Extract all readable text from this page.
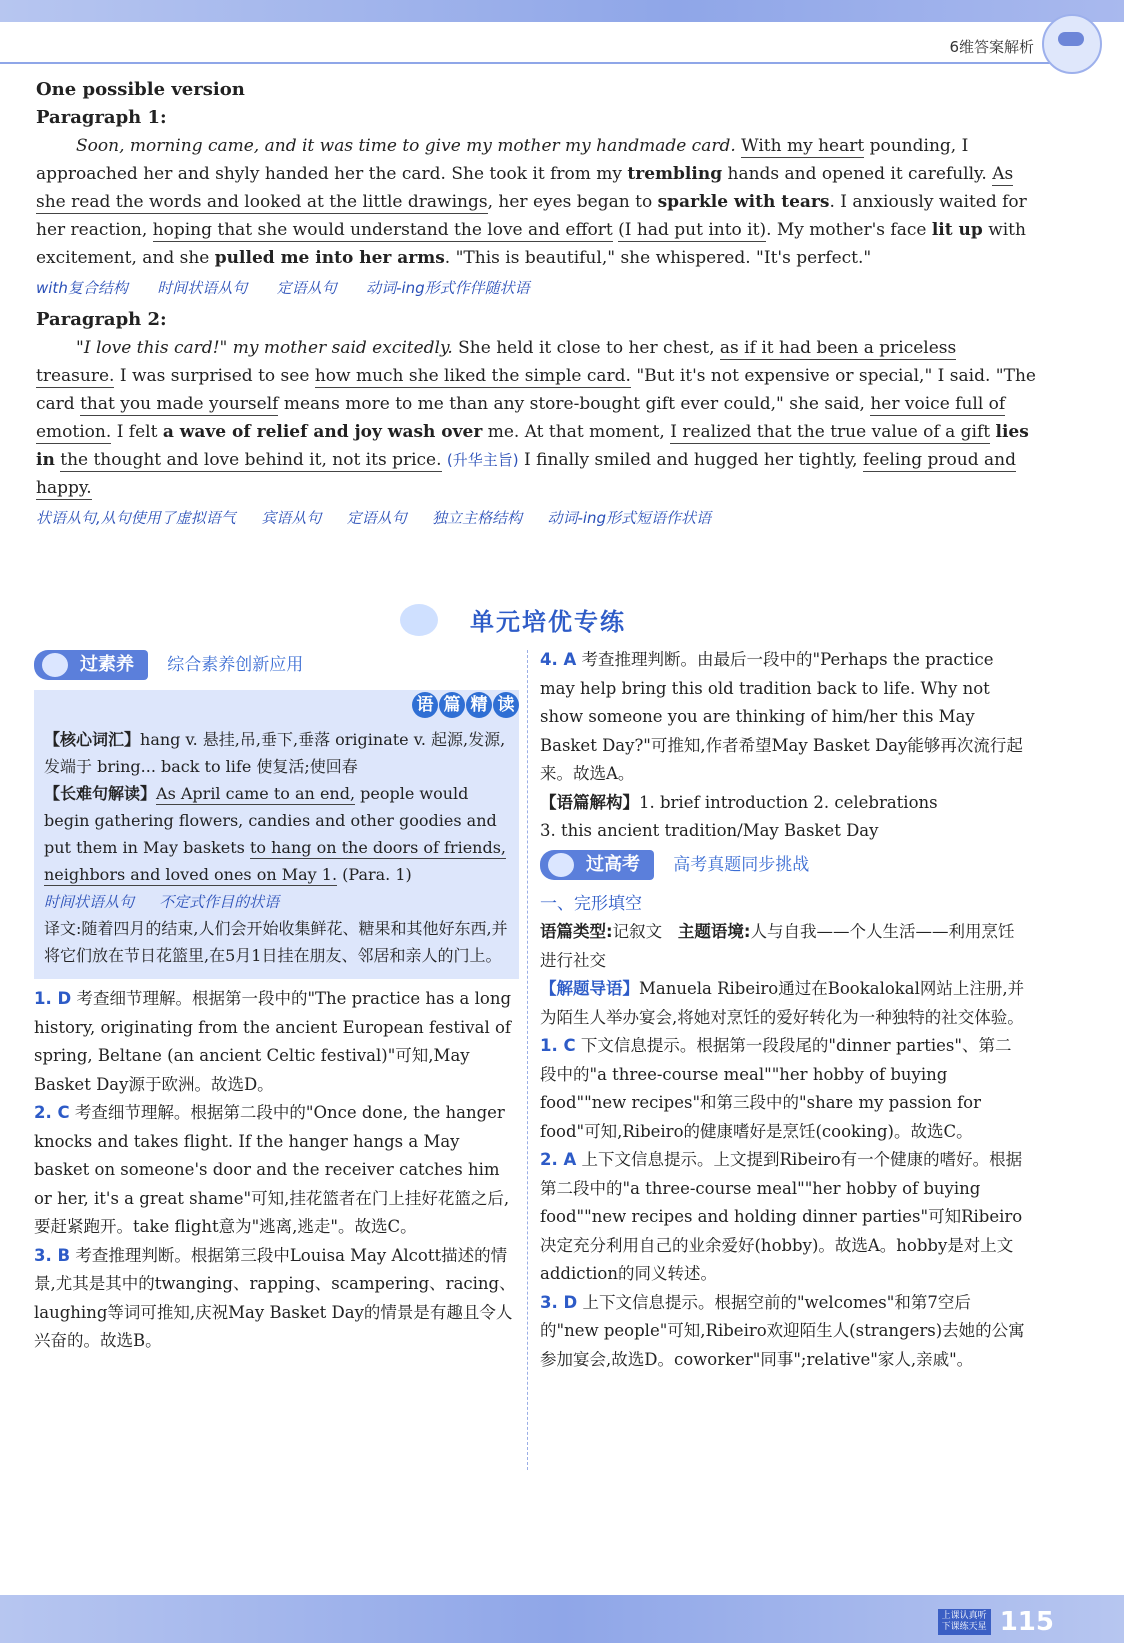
6维答案解析

One possible version

Paragraph 1:

Soon, morning came, and it was time to give my mother my handmade card. With my heart pounding, I approached her and shyly handed her the card. She took it from my trembling hands and opened it carefully. As she read the words and looked at the little drawings, her eyes began to sparkle with tears. I anxiously waited for her reaction, hoping that she would understand the love and effort (I had put into it). My mother's face lit up with excitement, and she pulled me into her arms. "This is beautiful," she whispered. "It's perfect."

with复合结构 时间状语从句 定语从句 动词-ing形式作伴随状语

Paragraph 2:

"I love this card!" my mother said excitedly. She held it close to her chest, as if it had been a priceless treasure. I was surprised to see how much she liked the simple card. "But it's not expensive or special," I said. "The card that you made yourself means more to me than any store-bought gift ever could," she said, her voice full of emotion. I felt a wave of relief and joy wash over me. At that moment, I realized that the true value of a gift lies in the thought and love behind it, not its price. (升华主旨) I finally smiled and hugged her tightly, feeling proud and happy.

状语从句,从句使用了虚拟语气 宾语从句 定语从句 独立主格结构 动词-ing形式短语作状语

单元培优专练
过素养 综合素养创新应用
语 篇 精 读

【核心词汇】hang v. 悬挂,吊,垂下,垂落 originate v. 起源,发源,发端于 bring... back to life 使复活;使回春

【长难句解读】As April came to an end, people would begin gathering flowers, candies and other goodies and put them in May baskets to hang on the doors of friends, neighbors and loved ones on May 1. (Para. 1)

时间状语从句 不定式作目的状语

译文:随着四月的结束,人们会开始收集鲜花、糖果和其他好东西,并将它们放在节日花篮里,在5月1日挂在朋友、邻居和亲人的门上。

1. D 考查细节理解。根据第一段中的"The practice has a long history, originating from the ancient European festival of spring, Beltane (an ancient Celtic festival)"可知,May Basket Day源于欧洲。故选D。

2. C 考查细节理解。根据第二段中的"Once done, the hanger knocks and takes flight. If the hanger hangs a May basket on someone's door and the receiver catches him or her, it's a great shame"可知,挂花篮者在门上挂好花篮之后,要赶紧跑开。take flight意为"逃离,逃走"。故选C。

3. B 考查推理判断。根据第三段中Louisa May Alcott描述的情景,尤其是其中的twanging、rapping、scampering、racing、laughing等词可推知,庆祝May Basket Day的情景是有趣且令人兴奋的。故选B。

4. A 考查推理判断。由最后一段中的"Perhaps the practice may help bring this old tradition back to life. Why not show someone you are thinking of him/her this May Basket Day?"可推知,作者希望May Basket Day能够再次流行起来。故选A。

【语篇解构】1. brief introduction 2. celebrations

3. this ancient tradition/May Basket Day

过高考 高考真题同步挑战

一、完形填空

语篇类型:记叙文 主题语境:人与自我——个人生活——利用烹饪进行社交

【解题导语】Manuela Ribeiro通过在Bookalokal网站上注册,并为陌生人举办宴会,将她对烹饪的爱好转化为一种独特的社交体验。

1. C 下文信息提示。根据第一段段尾的"dinner parties"、第二段中的"a three-course meal""her hobby of buying food""new recipes"和第三段中的"share my passion for food"可知,Ribeiro的健康嗜好是烹饪(cooking)。故选C。

2. A 上下文信息提示。上文提到Ribeiro有一个健康的嗜好。根据第二段中的"a three-course meal""her hobby of buying food""new recipes and holding dinner parties"可知Ribeiro决定充分利用自己的业余爱好(hobby)。故选A。hobby是对上文addiction的同义转述。

3. D 上下文信息提示。根据空前的"welcomes"和第7空后的"new people"可知,Ribeiro欢迎陌生人(strangers)去她的公寓参加宴会,故选D。coworker"同事";relative"家人,亲戚"。

上课认真听
下课练天星 115
